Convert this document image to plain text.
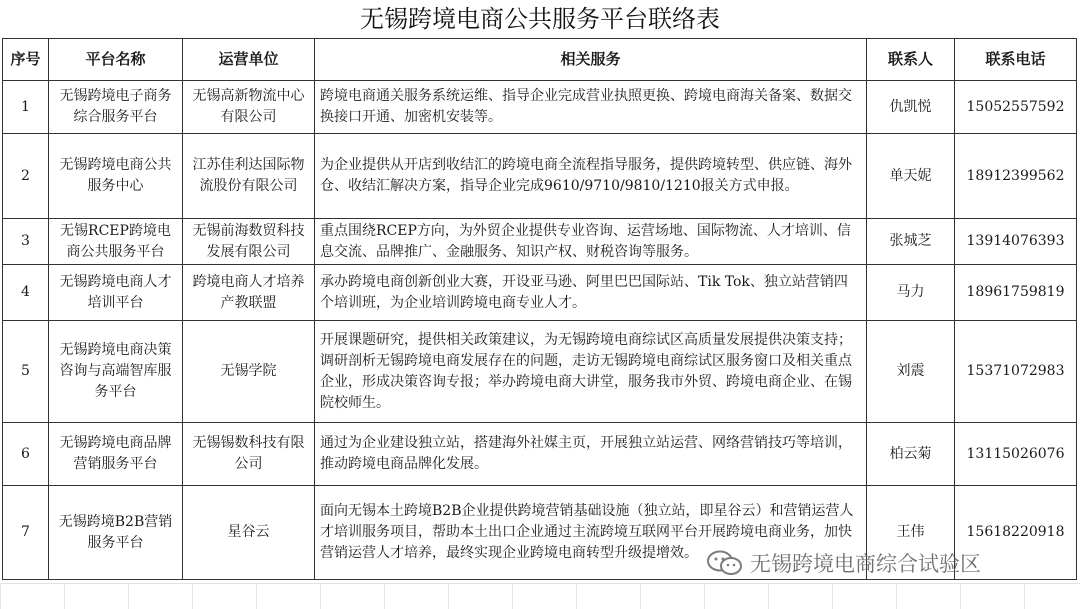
无锡跨境电商公共服务平台联络表
序号	平台名称	运营单位	相关服务	联系人	联系电话
1	无锡跨境电子商务综合服务平台	无锡高新物流中心有限公司	跨境电商通关服务系统运维、指导企业完成营业执照更换、跨境电商海关备案、数据交换接口开通、加密机安装等。	仇凯悦	15052557592
2	无锡跨境电商公共服务中心	江苏佳利达国际物流股份有限公司	为企业提供从开店到收结汇的跨境电商全流程指导服务，提供跨境转型、供应链、海外仓、收结汇解决方案，指导企业完成9610/9710/9810/1210报关方式申报。	单天妮	18912399562
3	无锡RCEP跨境电商公共服务平台	无锡前海数贸科技发展有限公司	重点围绕RCEP方向，为外贸企业提供专业咨询、运营场地、国际物流、人才培训、信息交流、品牌推广、金融服务、知识产权、财税咨询等服务。	张城芝	13914076393
4	无锡跨境电商人才培训平台	跨境电商人才培养产教联盟	承办跨境电商创新创业大赛，开设亚马逊、阿里巴巴国际站、Tik Tok、独立站营销四个培训班，为企业培训跨境电商专业人才。	马力	18961759819
5	无锡跨境电商决策咨询与高端智库服务平台	无锡学院	开展课题研究，提供相关政策建议，为无锡跨境电商综试区高质量发展提供决策支持；调研剖析无锡跨境电商发展存在的问题，走访无锡跨境电商综试区服务窗口及相关重点企业，形成决策咨询专报；举办跨境电商大讲堂，服务我市外贸、跨境电商企业、在锡院校师生。	刘震	15371072983
6	无锡跨境电商品牌营销服务平台	无锡锡数科技有限公司	通过为企业建设独立站，搭建海外社媒主页，开展独立站运营、网络营销技巧等培训，推动跨境电商品牌化发展。	柏云菊	13115026076
7	无锡跨境B2B营销服务平台	星谷云	面向无锡本土跨境B2B企业提供跨境营销基础设施（独立站，即星谷云）和营销运营人才培训服务项目，帮助本土出口企业通过主流跨境互联网平台开展跨境电商业务，加快营销运营人才培养，最终实现企业跨境电商转型升级提增效。	王伟	15618220918
无锡跨境电商综合试验区
